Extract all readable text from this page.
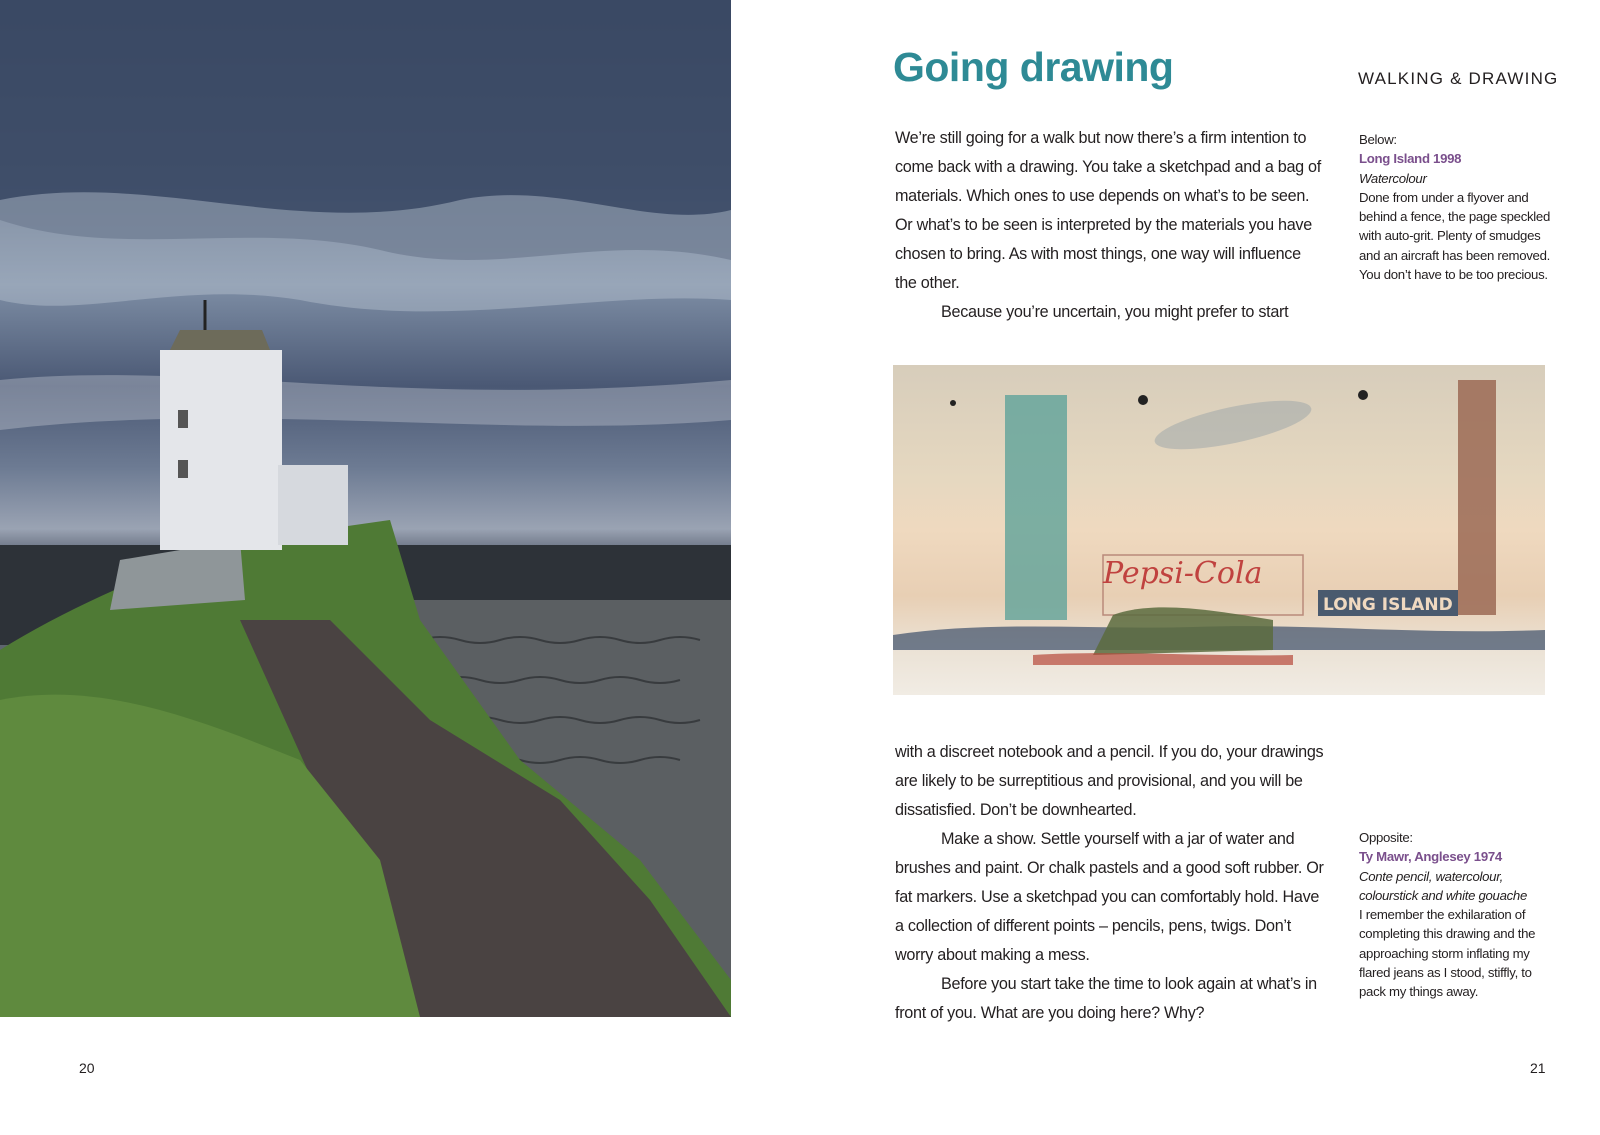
Going drawing	WALKING & DRAWING

We’re still going for a walk but now there’s a firm intention to come back with a drawing. You take a sketchpad and a bag of materials. Which ones to use depends on what’s to be seen. Or what’s to be seen is interpreted by the materials you have chosen to bring. As with most things, one way will influence the other.

Because you’re uncertain, you might prefer to start

Below:
Long Island 1998
Watercolour
Done from under a flyover and behind a fence, the page speckled with auto-grit. Plenty of smudges and an aircraft has been removed. You don’t have to be too precious.
Pepsi-Cola
LONG ISLAND

with a discreet notebook and a pencil. If you do, your drawings are likely to be surreptitious and provisional, and you will be dissatisfied. Don’t be downhearted.

Make a show. Settle yourself with a jar of water and brushes and paint. Or chalk pastels and a good soft rubber. Or fat markers. Use a sketchpad you can comfortably hold. Have a collection of different points – pencils, pens, twigs. Don’t worry about making a mess.

Before you start take the time to look again at what’s in front of you. What are you doing here? Why?

Opposite:
Ty Mawr, Anglesey 1974
Conte pencil, watercolour, colourstick and white gouache
I remember the exhilaration of completing this drawing and the approaching storm inflating my flared jeans as I stood, stiffly, to pack my things away.
20	21
